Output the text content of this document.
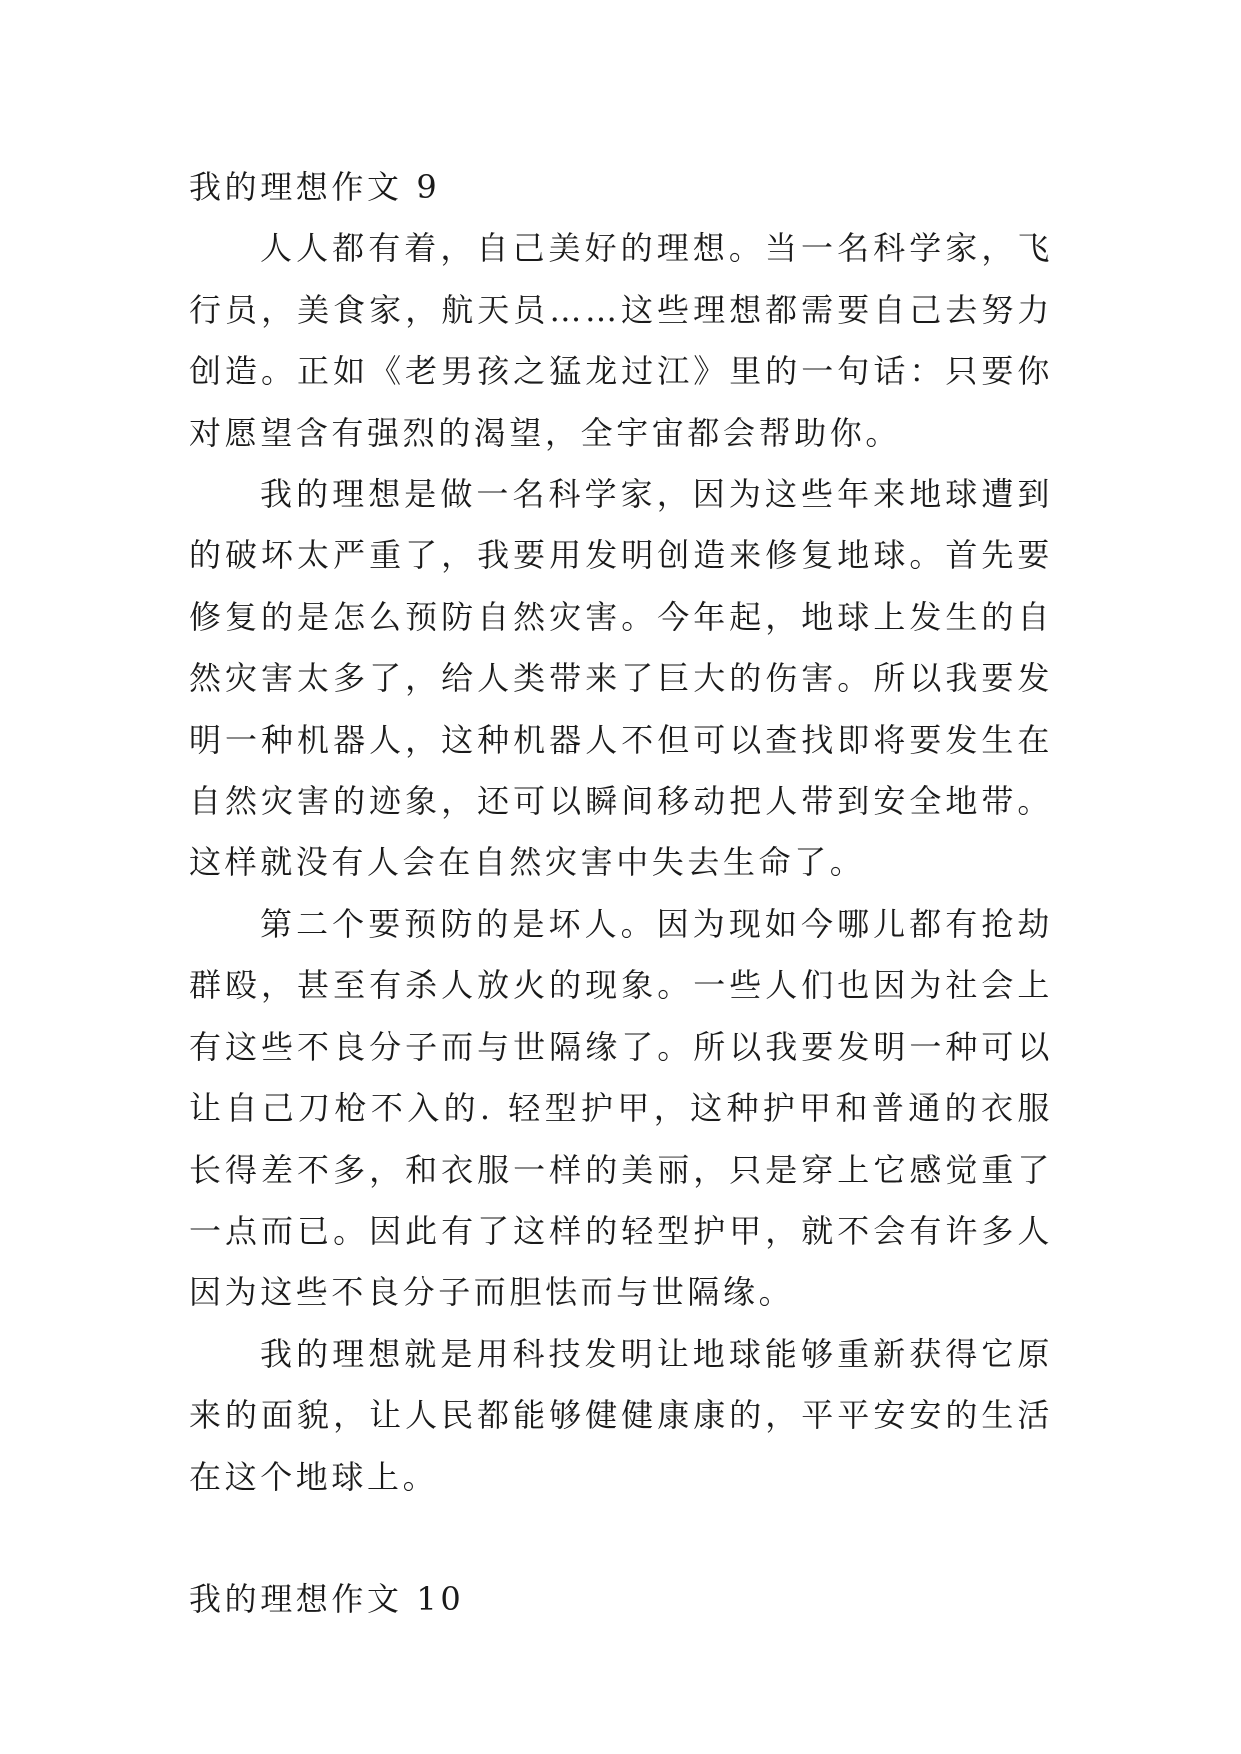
我的理想作文 9

人人都有着，自己美好的理想。当一名科学家，飞行员，美食家，航天员……这些理想都需要自己去努力创造。正如《老男孩之猛龙过江》里的一句话：只要你对愿望含有强烈的渴望，全宇宙都会帮助你。

我的理想是做一名科学家，因为这些年来地球遭到的破坏太严重了，我要用发明创造来修复地球。首先要修复的是怎么预防自然灾害。今年起，地球上发生的自然灾害太多了，给人类带来了巨大的伤害。所以我要发明一种机器人，这种机器人不但可以查找即将要发生在自然灾害的迹象，还可以瞬间移动把人带到安全地带。这样就没有人会在自然灾害中失去生命了。

第二个要预防的是坏人。因为现如今哪儿都有抢劫群殴，甚至有杀人放火的现象。一些人们也因为社会上有这些不良分子而与世隔缘了。所以我要发明一种可以让自己刀枪不入的. 轻型护甲，这种护甲和普通的衣服长得差不多，和衣服一样的美丽，只是穿上它感觉重了一点而已。因此有了这样的轻型护甲，就不会有许多人因为这些不良分子而胆怯而与世隔缘。

我的理想就是用科技发明让地球能够重新获得它原来的面貌，让人民都能够健健康康的，平平安安的生活在这个地球上。

我的理想作文 10
